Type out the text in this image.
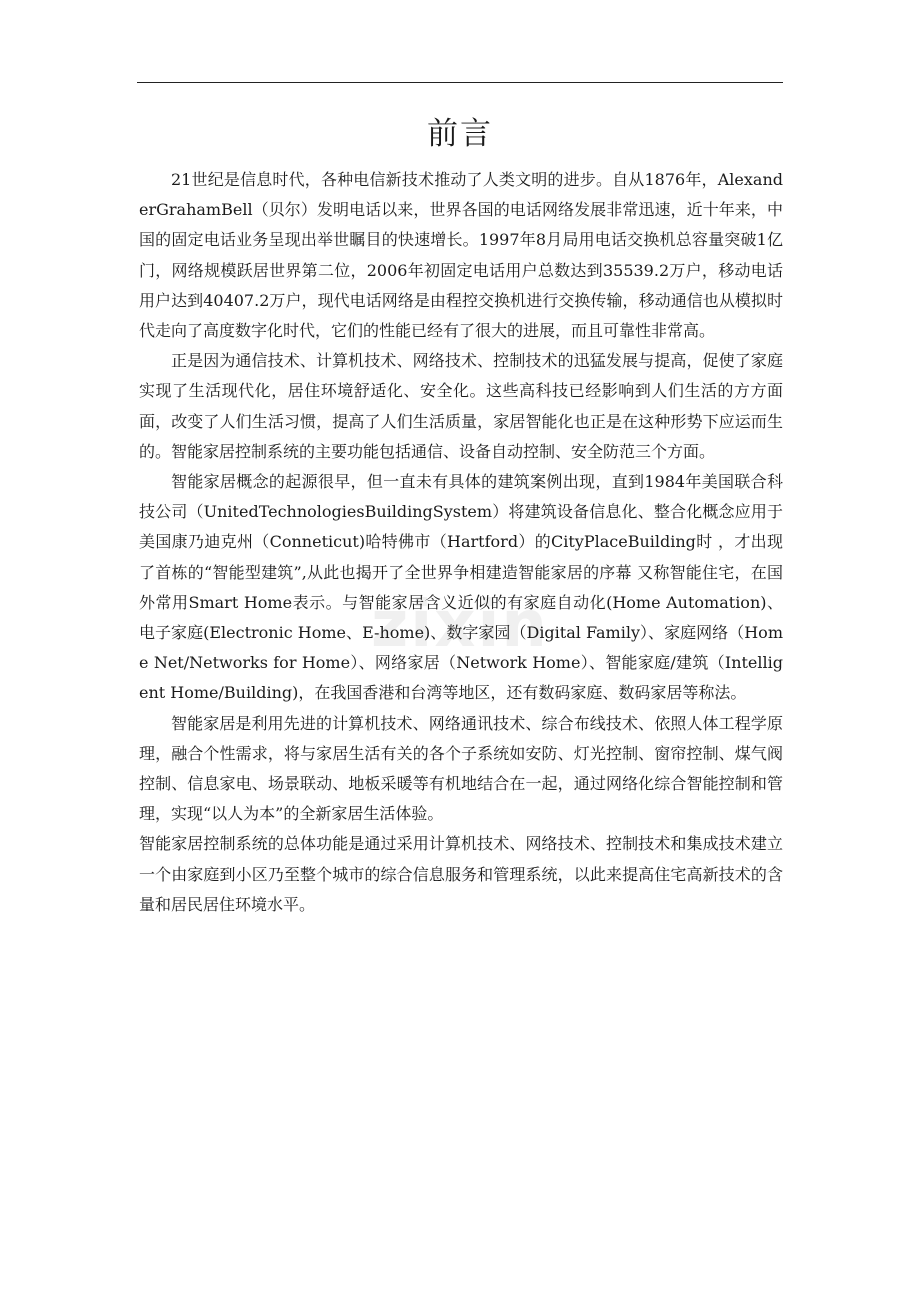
zixin
前言

21世纪是信息时代，各种电信新技术推动了人类文明的进步。自从1876年，AlexanderGrahamBell（贝尔）发明电话以来，世界各国的电话网络发展非常迅速，近十年来，中国的固定电话业务呈现出举世瞩目的快速增长。1997年8月局用电话交换机总容量突破1亿门，网络规模跃居世界第二位，2006年初固定电话用户总数达到35539.2万户，移动电话用户达到40407.2万户，现代电话网络是由程控交换机进行交换传输，移动通信也从模拟时代走向了高度数字化时代，它们的性能已经有了很大的进展，而且可靠性非常高。

正是因为通信技术、计算机技术、网络技术、控制技术的迅猛发展与提高，促使了家庭实现了生活现代化，居住环境舒适化、安全化。这些高科技已经影响到人们生活的方方面面，改变了人们生活习惯，提高了人们生活质量，家居智能化也正是在这种形势下应运而生的。智能家居控制系统的主要功能包括通信、设备自动控制、安全防范三个方面。

智能家居概念的起源很早，但一直未有具体的建筑案例出现，直到1984年美国联合科技公司（UnitedTechnologiesBuildingSystem）将建筑设备信息化、整合化概念应用于美国康乃迪克州（Conneticut)哈特佛市（Hartford）的CityPlaceBuilding时 ，才出现了首栋的“智能型建筑”,从此也揭开了全世界争相建造智能家居的序幕 又称智能住宅，在国外常用Smart Home表示。与智能家居含义近似的有家庭自动化(Home Automation)、电子家庭(Electronic Home、E-home)、数字家园（Digital Family）、家庭网络（Home Net/Networks for Home）、网络家居（Network Home）、智能家庭/建筑（Intelligent Home/Building)，在我国香港和台湾等地区，还有数码家庭、数码家居等称法。

智能家居是利用先进的计算机技术、网络通讯技术、综合布线技术、依照人体工程学原理，融合个性需求，将与家居生活有关的各个子系统如安防、灯光控制、窗帘控制、煤气阀控制、信息家电、场景联动、地板采暖等有机地结合在一起，通过网络化综合智能控制和管理，实现“以人为本”的全新家居生活体验。

智能家居控制系统的总体功能是通过采用计算机技术、网络技术、控制技术和集成技术建立一个由家庭到小区乃至整个城市的综合信息服务和管理系统，以此来提高住宅高新技术的含量和居民居住环境水平。
